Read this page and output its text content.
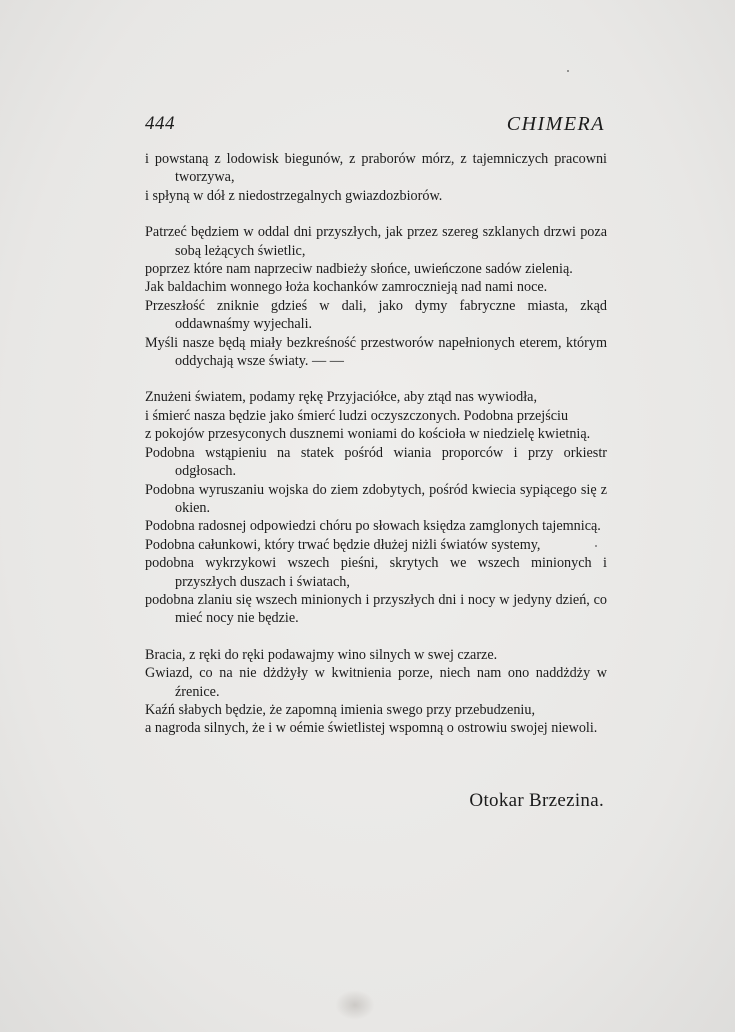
444	CHIMERA
i powstaną z lodowisk biegunów, z praborów mórz, z tajemniczych pracowni tworzywa,
i spłyną w dół z niedostrzegalnych gwiazdozbiorów.
Patrzeć będziem w oddal dni przyszłych, jak przez szereg szklanych drzwi poza sobą leżących świetlic,
poprzez które nam naprzeciw nadbieży słońce, uwieńczone sadów zielenią.
Jak baldachim wonnego łoża kochanków zamrocznieją nad nami noce.
Przeszłość zniknie gdzieś w dali, jako dymy fabryczne miasta, zkąd oddawnaśmy wyjechali.
Myśli nasze będą miały bezkreśność przestworów napełnionych eterem, którym oddychają wsze światy. — —
Znużeni światem, podamy rękę Przyjaciółce, aby ztąd nas wywiodła,
i śmierć nasza będzie jako śmierć ludzi oczyszczonych. Podobna przejściu
z pokojów przesyconych dusznemi woniami do kościoła w niedzielę kwietnią.
Podobna wstąpieniu na statek pośród wiania proporców i przy orkiestr odgłosach.
Podobna wyruszaniu wojska do ziem zdobytych, pośród kwiecia sypiącego się z okien.
Podobna radosnej odpowiedzi chóru po słowach księdza zamglonych tajemnicą.
Podobna całunkowi, który trwać będzie dłużej niżli światów systemy,
podobna wykrzykowi wszech pieśni, skrytych we wszech minionych i przyszłych duszach i światach,
podobna zlaniu się wszech minionych i przyszłych dni i nocy w jedyny dzień, co mieć nocy nie będzie.
Bracia, z ręki do ręki podawajmy wino silnych w swej czarze.
Gwiazd, co na nie dżdżyły w kwitnienia porze, niech nam ono naddżdży w źrenice.
Kaźń słabych będzie, że zapomną imienia swego przy przebudzeniu,
a nagroda silnych, że i w oémie świetlistej wspomną o ostrowiu swojej niewoli.
Otokar Brzezina.
